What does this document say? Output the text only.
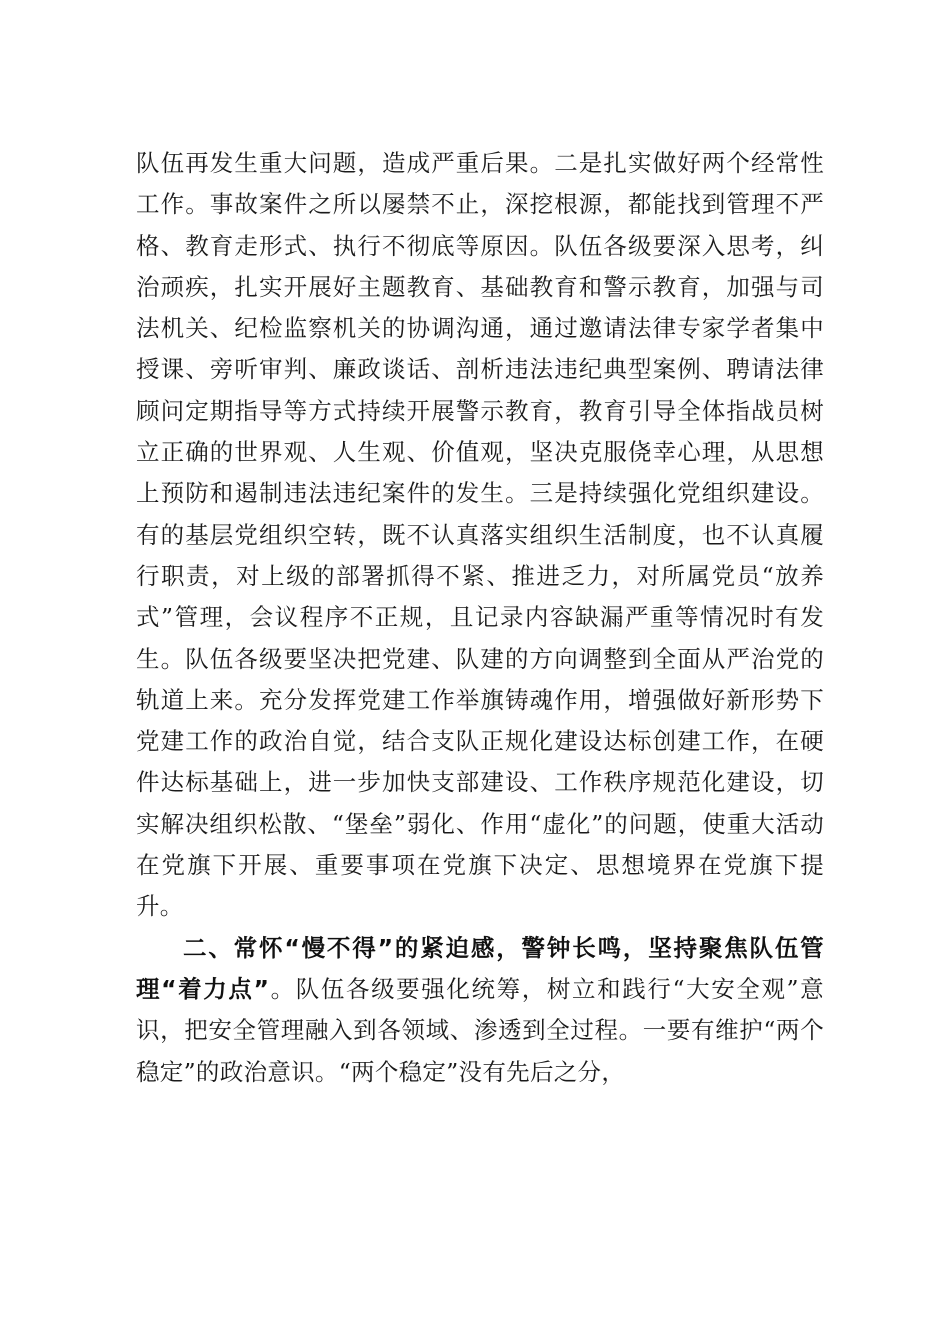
队伍再发生重大问题，造成严重后果。二是扎实做好两个经常性工作。事故案件之所以屡禁不止，深挖根源，都能找到管理不严格、教育走形式、执行不彻底等原因。队伍各级要深入思考，纠治顽疾，扎实开展好主题教育、基础教育和警示教育，加强与司法机关、纪检监察机关的协调沟通，通过邀请法律专家学者集中授课、旁听审判、廉政谈话、剖析违法违纪典型案例、聘请法律顾问定期指导等方式持续开展警示教育，教育引导全体指战员树立正确的世界观、人生观、价值观，坚决克服侥幸心理，从思想上预防和遏制违法违纪案件的发生。三是持续强化党组织建设。有的基层党组织空转，既不认真落实组织生活制度，也不认真履行职责，对上级的部署抓得不紧、推进乏力，对所属党员“放养式”管理，会议程序不正规，且记录内容缺漏严重等情况时有发生。队伍各级要坚决把党建、队建的方向调整到全面从严治党的轨道上来。充分发挥党建工作举旗铸魂作用，增强做好新形势下党建工作的政治自觉，结合支队正规化建设达标创建工作，在硬件达标基础上，进一步加快支部建设、工作秩序规范化建设，切实解决组织松散、“堡垒”弱化、作用“虚化”的问题，使重大活动在党旗下开展、重要事项在党旗下决定、思想境界在党旗下提升。

二、常怀“慢不得”的紧迫感，警钟长鸣，坚持聚焦队伍管理“着力点”。队伍各级要强化统筹，树立和践行“大安全观”意识，把安全管理融入到各领域、渗透到全过程。一要有维护“两个稳定”的政治意识。“两个稳定”没有先后之分，
